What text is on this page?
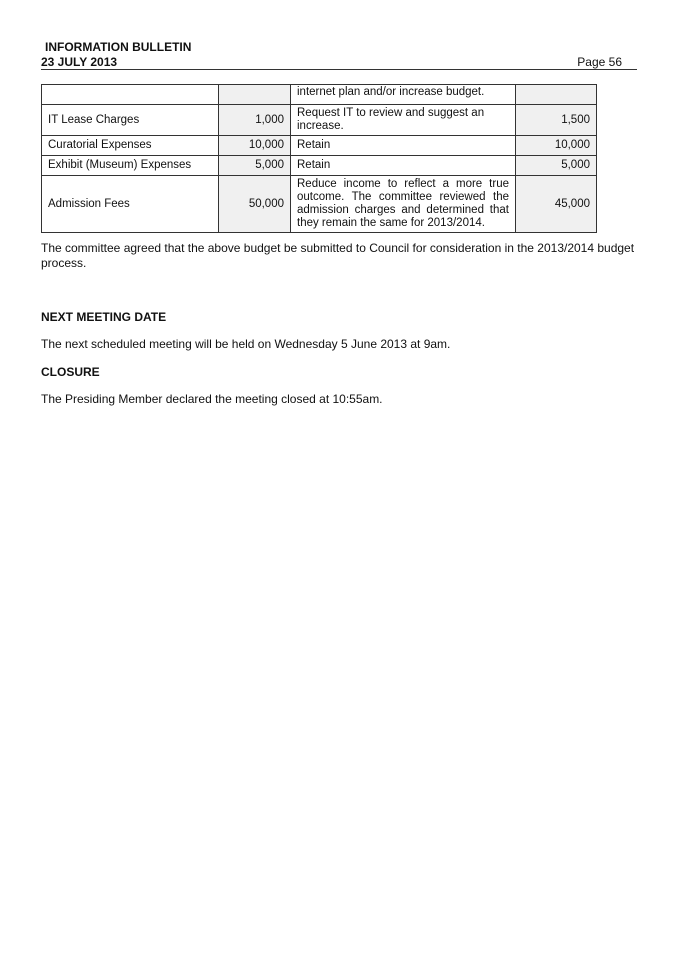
INFORMATION BULLETIN
23 JULY 2013	Page 56
		internet plan and/or increase budget.	
IT Lease Charges	1,000	Request IT to review and suggest an increase.	1,500
Curatorial Expenses	10,000	Retain	10,000
Exhibit (Museum) Expenses	5,000	Retain	5,000
Admission Fees	50,000	Reduce income to reflect a more true outcome. The committee reviewed the admission charges and determined that they remain the same for 2013/2014.	45,000
The committee agreed that the above budget be submitted to Council for consideration in the 2013/2014 budget process.
NEXT MEETING DATE
The next scheduled meeting will be held on Wednesday 5 June 2013 at 9am.
CLOSURE
The Presiding Member declared the meeting closed at 10:55am.
